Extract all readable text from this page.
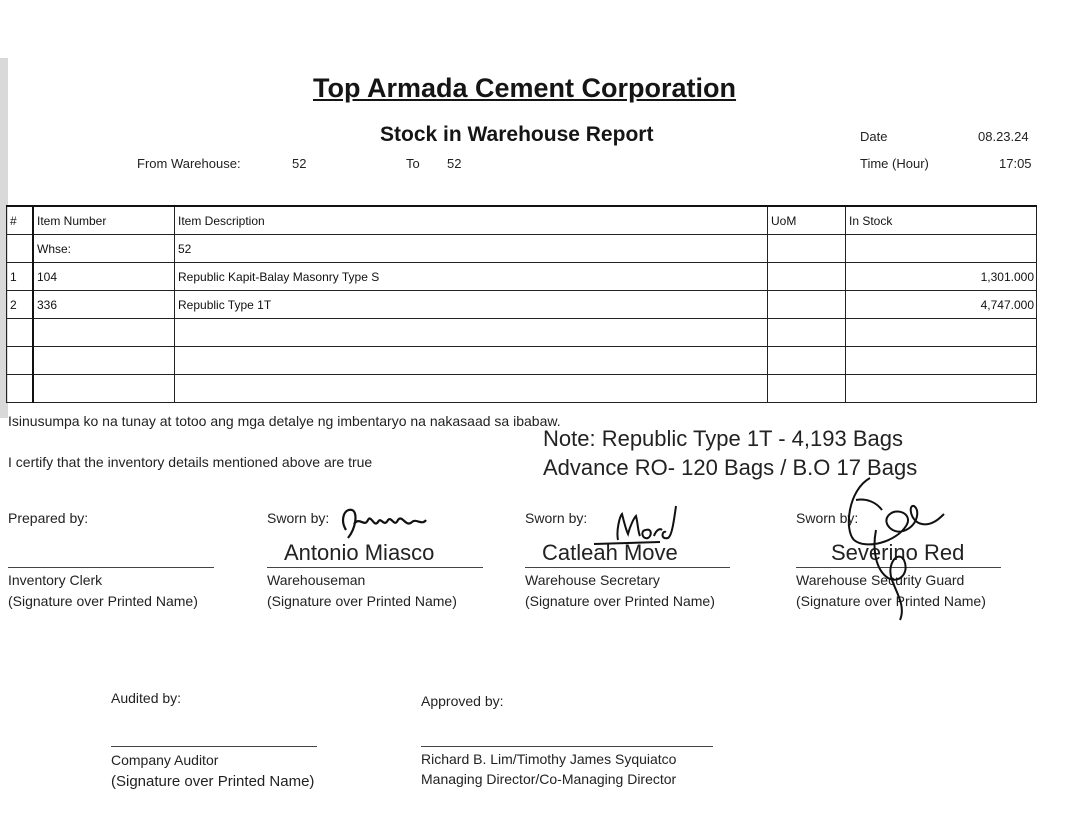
Top Armada Cement Corporation
Stock in Warehouse Report
From Warehouse:	52	To 52
Date	08.23.24
Time (Hour)	17:05
#	Item Number	Item Description	UoM	In Stock
	Whse:	52		
1	104	Republic Kapit-Balay Masonry Type S		1,301.000
2	336	Republic Type 1T		4,747.000

Isinusumpa ko na tunay at totoo ang mga detalye ng imbentaryo na nakasaad sa ibabaw.
I certify that the inventory details mentioned above are true
Note: Republic Type 1T - 4,193 Bags
Advance RO- 120 Bags / B.O 17 Bags
Prepared by:
Inventory Clerk
(Signature over Printed Name)
Sworn by:
Antonio Miasco
Warehouseman
(Signature over Printed Name)
Sworn by:
Catleah Move
Warehouse Secretary
(Signature over Printed Name)
Sworn by:
Severino Red
Warehouse Security Guard
(Signature over Printed Name)
Audited by:
Company Auditor
(Signature over Printed Name)
Approved by:
Richard B. Lim/Timothy James Syquiatco
Managing Director/Co-Managing Director
